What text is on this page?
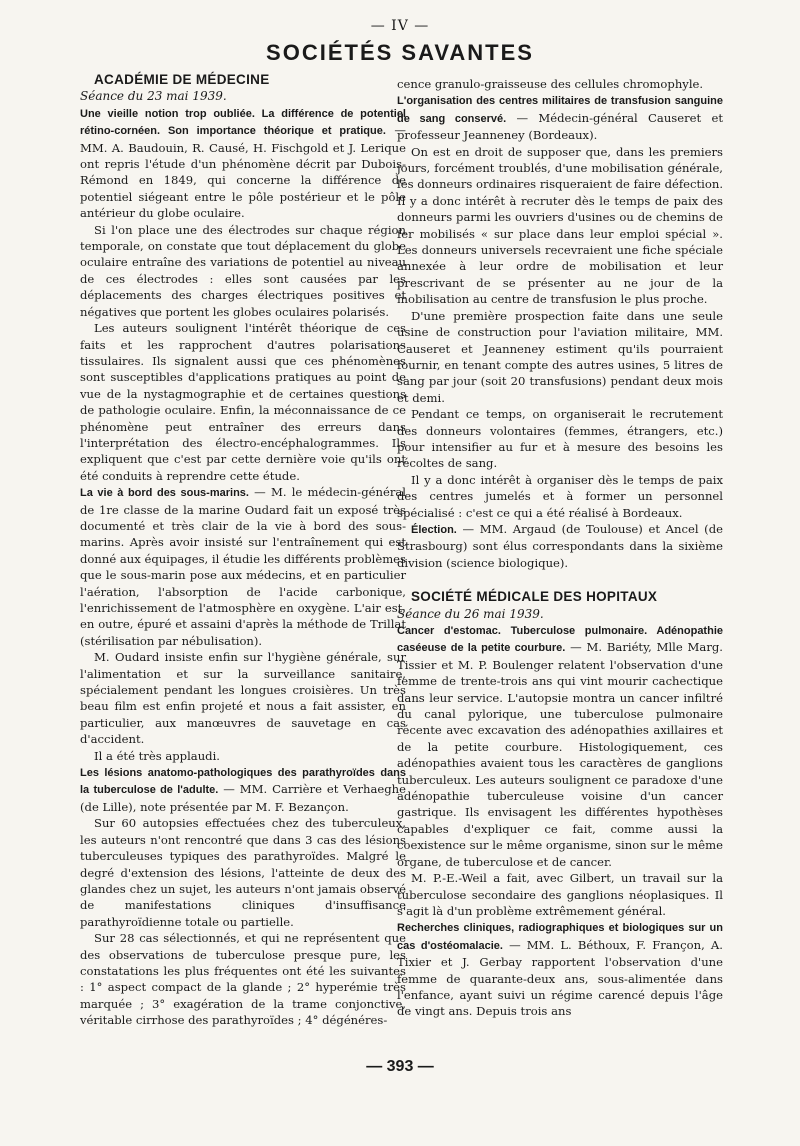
— IV —
SOCIÉTÉS SAVANTES

ACADÉMIE DE MÉDECINE

Séance du 23 mai 1939.

Une vieille notion trop oubliée. La différence de potentiel rétino-cornéen. Son importance théorique et pratique. — MM. A. Baudouin, R. Causé, H. Fischgold et J. Lerique ont repris l'étude d'un phénomène décrit par Dubois-Rémond en 1849, qui concerne la différence de potentiel siégeant entre le pôle postérieur et le pôle antérieur du globe oculaire.

Si l'on place une des électrodes sur chaque région temporale, on constate que tout déplacement du globe oculaire entraîne des variations de potentiel au niveau de ces électrodes : elles sont causées par les déplacements des charges électriques positives et négatives que portent les globes oculaires polarisés.

Les auteurs soulignent l'intérêt théorique de ces faits et les rapprochent d'autres polarisations tissulaires. Ils signalent aussi que ces phénomènes sont susceptibles d'applications pratiques au point de vue de la nystagmographie et de certaines questions de pathologie oculaire. Enfin, la méconnaissance de ce phénomène peut entraîner des erreurs dans l'interprétation des électro-encéphalogrammes. Ils expliquent que c'est par cette dernière voie qu'ils ont été conduits à reprendre cette étude.

La vie à bord des sous-marins. — M. le médecin-général de 1re classe de la marine Oudard fait un exposé très documenté et très clair de la vie à bord des sous-marins. Après avoir insisté sur l'entraînement qui est donné aux équipages, il étudie les différents problèmes que le sous-marin pose aux médecins, et en particulier l'aération, l'absorption de l'acide carbonique, l'enrichissement de l'atmosphère en oxygène. L'air est, en outre, épuré et assaini d'après la méthode de Trillat (stérilisation par nébulisation).

M. Oudard insiste enfin sur l'hygiène générale, sur l'alimentation et sur la surveillance sanitaire, spécialement pendant les longues croisières. Un très beau film est enfin projeté et nous a fait assister, en particulier, aux manœuvres de sauvetage en cas d'accident.

Il a été très applaudi.

Les lésions anatomo-pathologiques des parathyroïdes dans la tuberculose de l'adulte. — MM. Carrière et Verhaeghe (de Lille), note présentée par M. F. Bezançon.

Sur 60 autopsies effectuées chez des tuberculeux, les auteurs n'ont rencontré que dans 3 cas des lésions tuberculeuses typiques des parathyroïdes. Malgré le degré d'extension des lésions, l'atteinte de deux des glandes chez un sujet, les auteurs n'ont jamais observé de manifestations cliniques d'insuffisance parathyroïdienne totale ou partielle.

Sur 28 cas sélectionnés, et qui ne représentent que des observations de tuberculose presque pure, les constatations les plus fréquentes ont été les suivantes : 1° aspect compact de la glande ; 2° hyperémie très marquée ; 3° exagération de la trame conjonctive, véritable cirrhose des parathyroïdes ; 4° dégénéres-

cence granulo-graisseuse des cellules chromophyle.

L'organisation des centres militaires de transfusion sanguine de sang conservé. — Médecin-général Causeret et professeur Jeanneney (Bordeaux).

On est en droit de supposer que, dans les premiers jours, forcément troublés, d'une mobilisation générale, les donneurs ordinaires risqueraient de faire défection. Il y a donc intérêt à recruter dès le temps de paix des donneurs parmi les ouvriers d'usines ou de chemins de fer mobilisés « sur place dans leur emploi spécial ». Les donneurs universels recevraient une fiche spéciale annexée à leur ordre de mobilisation et leur prescrivant de se présenter au ne jour de la mobilisation au centre de transfusion le plus proche.

D'une première prospection faite dans une seule usine de construction pour l'aviation militaire, MM. Causeret et Jeanneney estiment qu'ils pourraient fournir, en tenant compte des autres usines, 5 litres de sang par jour (soit 20 transfusions) pendant deux mois et demi.

Pendant ce temps, on organiserait le recrutement des donneurs volontaires (femmes, étrangers, etc.) pour intensifier au fur et à mesure des besoins les récoltes de sang.

Il y a donc intérêt à organiser dès le temps de paix des centres jumelés et à former un personnel spécialisé : c'est ce qui a été réalisé à Bordeaux.

Élection. — MM. Argaud (de Toulouse) et Ancel (de Strasbourg) sont élus correspondants dans la sixième division (science biologique).

SOCIÉTÉ MÉDICALE DES HOPITAUX

Séance du 26 mai 1939.

Cancer d'estomac. Tuberculose pulmonaire. Adénopathie caséeuse de la petite courbure. — M. Bariéty, Mlle Marg. Tissier et M. P. Boulenger relatent l'observation d'une femme de trente-trois ans qui vint mourir cachectique dans leur service. L'autopsie montra un cancer infiltré du canal pylorique, une tuberculose pulmonaire récente avec excavation des adénopathies axillaires et de la petite courbure. Histologiquement, ces adénopathies avaient tous les caractères de ganglions tuberculeux. Les auteurs soulignent ce paradoxe d'une adénopathie tuberculeuse voisine d'un cancer gastrique. Ils envisagent les différentes hypothèses capables d'expliquer ce fait, comme aussi la coexistence sur le même organisme, sinon sur le même organe, de tuberculose et de cancer.

M. P.-E.-Weil a fait, avec Gilbert, un travail sur la tuberculose secondaire des ganglions néoplasiques. Il s'agit là d'un problème extrêmement général.

Recherches cliniques, radiographiques et biologiques sur un cas d'ostéomalacie. — MM. L. Béthoux, F. Françon, A. Tixier et J. Gerbay rapportent l'observation d'une femme de quarante-deux ans, sous-alimentée dans l'enfance, ayant suivi un régime carencé depuis l'âge de vingt ans. Depuis trois ans

— 393 —
